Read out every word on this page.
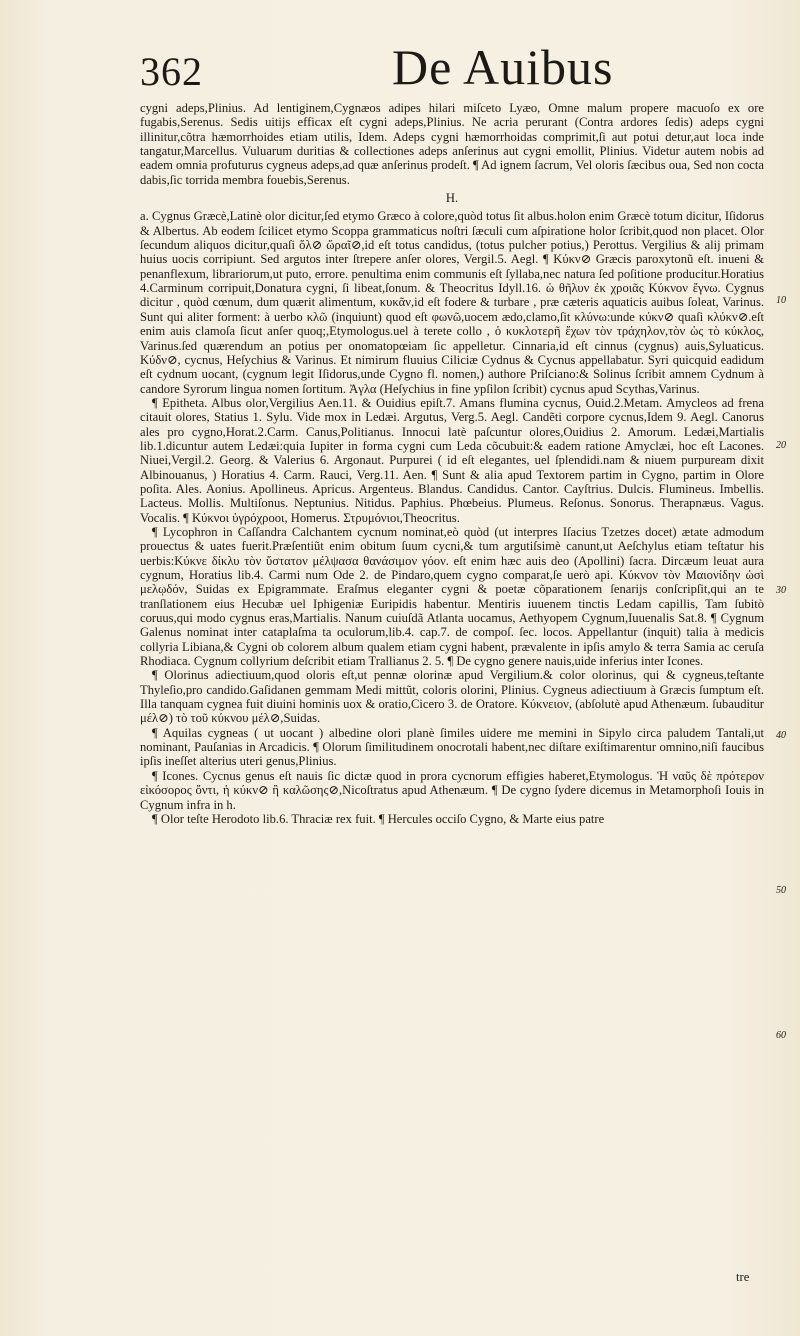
362	De Auibus

cygni adeps,Plinius. Ad lentiginem,Cygnæos adipes hilari miſceto Lyæo, Omne malum propere macuoſo ex ore fugabis,Serenus. Sedis uitijs efficax eſt cygni adeps,Plinius. Ne acria perurant (Contra ardores ſedis) adeps cygni illinitur,cõtra hæmorrhoides etiam utilis, Idem. Adeps cygni hæmorrhoidas comprimit,ſi aut potui detur,aut loca inde tangatur,Marcellus. Vuluarum duritias & collectiones adeps anſerinus aut cygni emollit, Plinius. Videtur autem nobis ad eadem omnia profuturus cygneus adeps,ad quæ anſerinus prodeſt. ¶ Ad ignem ſacrum, Vel oloris ſæcibus oua, Sed non cocta dabis,ſic torrida membra fouebis,Serenus.

H.

a. Cygnus Græcè,Latinè olor dicitur,ſed etymo Græco à colore,quòd totus ſit albus.holon enim Græcè totum dicitur, Iſidorus & Albertus. Ab eodem ſcilicet etymo Scoppa grammaticus noſtri ſæculi cum aſpiratione holor ſcribit,quod non placet. Olor ſecundum aliquos dicitur,quaſi ὅλ⊘ ὥραῖ⊘,id eſt totus candidus, (totus pulcher potius,) Perottus. Vergilius & alij primam huius uocis corripiunt. Sed argutos inter ſtrepere anſer olores, Vergil.5. Aegl. ¶ Κύκν⊘ Græcis paroxytonũ eſt. inueni & penanflexum, librariorum,ut puto, errore. penultima enim communis eſt ſyllaba,nec natura ſed poſitione producitur.Horatius 4.Carminum corripuit,Donatura cygni, ſi libeat,ſonum. & Theocritus Idyll.16. ὡ θῆλυν ἐκ χροιᾶς Κύκνον ἔγνω. Cygnus dicitur , quòd cœnum, dum quærit alimentum, κυκᾶν,id eſt fodere & turbare , præ cæteris aquaticis auibus ſoleat, Varinus. Sunt qui aliter forment: à uerbo κλῶ (inquiunt) quod eſt φωνῶ,uocem ædo,clamo,ſit κλύνω:unde κύκν⊘ quaſi κλύκν⊘.eſt enim auis clamoſa ſicut anſer quoq;,Etymologus.uel à terete collo , ὁ κυκλοτερῆ ἔχων τὸν τράχηλον,τὸν ὡς τὸ κύκλος, Varinus.ſed quærendum an potius per onomatopœiam ſic appelletur. Cinnaria,id eſt cinnus (cygnus) auis,Syluaticus. Κύδν⊘, cycnus, Heſychius & Varinus. Et nimirum fluuius Ciliciæ Cydnus & Cycnus appellabatur. Syri quicquid eadidum eſt cydnum uocant, (cygnum legit Iſidorus,unde Cygno fl. nomen,) authore Priſciano:& Solinus ſcribit amnem Cydnum à candore Syrorum lingua nomen ſortitum. Ἀγλα (Heſychius in fine ypſilon ſcribit) cycnus apud Scythas,Varinus.

¶ Epitheta. Albus olor,Vergilius Aen.11. & Ouidius epiſt.7. Amans flumina cycnus, Ouid.2.Metam. Amycleos ad frena citauit olores, Statius 1. Sylu. Vide mox in Ledæi. Argutus, Verg.5. Aegl. Candẽti corpore cycnus,Idem 9. Aegl. Canorus ales pro cygno,Horat.2.Carm. Canus,Politianus. Innocui latè paſcuntur olores,Ouidius 2. Amorum. Ledæi,Martialis lib.1.dicuntur autem Ledæi:quia Iupiter in forma cygni cum Leda cõcubuit:& eadem ratione Amyclæi, hoc eſt Lacones. Niuei,Vergil.2. Georg. & Valerius 6. Argonaut. Purpurei ( id eſt elegantes, uel ſplendidi.nam & niuem purpuream dixit Albinouanus, ) Horatius 4. Carm. Rauci, Verg.11. Aen. ¶ Sunt & alia apud Textorem partim in Cygno, partim in Olore poſita. Ales. Aonius. Apollineus. Apricus. Argenteus. Blandus. Candidus. Cantor. Cayſtrius. Dulcis. Flumineus. Imbellis. Lacteus. Mollis. Multiſonus. Neptunius. Nitidus. Paphius. Phœbeius. Plumeus. Reſonus. Sonorus. Therapnæus. Vagus. Vocalis. ¶ Κύκνοι ὑγρόχροοι, Homerus. Στρυμόνιοι,Theocritus.

¶ Lycophron in Caſſandra Calchantem cycnum nominat,eò quòd (ut interpres Iſacius Tzetzes docet) ætate admodum prouectus & uates fuerit.Præſentiũt enim obitum ſuum cycni,& tum argutiſsimè canunt,ut Aeſchylus etiam teſtatur his uerbis:Κύκνε δίκλυ τὸν ὕστατον μέλψασα θανάσιμον γόον. eſt enim hæc auis deo (Apollini) ſacra. Dircæum leuat aura cygnum, Horatius lib.4. Carmi num Ode 2. de Pindaro,quem cygno comparat,ſe uerò api. Κύκνον τὸν Μαιονίδην ὡσὶ μελῳδόν, Suidas ex Epigrammate. Eraſmus eleganter cygni & poetæ cõparationem ſenarijs conſcripſit,qui an te tranſlationem eius Hecubæ uel Iphigeniæ Euripidis habentur. Mentiris iuuenem tinctis Ledam capillis, Tam ſubitò coruus,qui modo cygnus eras,Martialis. Nanum cuiuſdã Atlanta uocamus, Aethyopem Cygnum,Iuuenalis Sat.8. ¶ Cygnum Galenus nominat inter cataplaſma ta oculorum,lib.4. cap.7. de compoſ. ſec. locos. Appellantur (inquit) talia à medicis collyria Libiana,& Cygni ob colorem album qualem etiam cygni habent, prævalente in ipſis amylo & terra Samia ac ceruſa Rhodiaca. Cygnum collyrium deſcribit etiam Trallianus 2. 5. ¶ De cygno genere nauis,uide inferius inter Icones.

¶ Olorinus adiectiuum,quod oloris eſt,ut pennæ olorinæ apud Vergilium.& color olorinus, qui & cygneus,teſtante Thyleſio,pro candido.Gaſidanen gemmam Medi mittũt, coloris olorini, Plinius. Cygneus adiectiuum à Græcis ſumptum eſt. Illa tanquam cygnea fuit diuini hominis uox & oratio,Cicero 3. de Oratore. Κύκνειον, (abſolutè apud Athenæum. ſubauditur μέλ⊘) τὸ τοῦ κύκνου μέλ⊘,Suidas.

¶ Aquilas cygneas ( ut uocant ) albedine olori planè ſimiles uidere me memini in Sipylo circa paludem Tantali,ut nominant, Pauſanias in Arcadicis. ¶ Olorum ſimilitudinem onocrotali habent,nec diſtare exiſtimarentur omnino,niſi faucibus ipſis ineſſet alterius uteri genus,Plinius.

¶ Icones. Cycnus genus eſt nauis ſic dictæ quod in prora cycnorum effigies haberet,Etymologus. Ἡ ναῦς δὲ πρότερον εἰκόσορος ὄντι, ἡ κύκν⊘ ἢ καλῶσης⊘,Nicoſtratus apud Athenæum. ¶ De cygno ſydere dicemus in Metamorphoſi Iouis in Cygnum infra in h.

¶ Olor teſte Herodoto lib.6. Thraciæ rex fuit. ¶ Hercules occiſo Cygno, & Marte eius patre

10
20
30
40
50
60
tre
